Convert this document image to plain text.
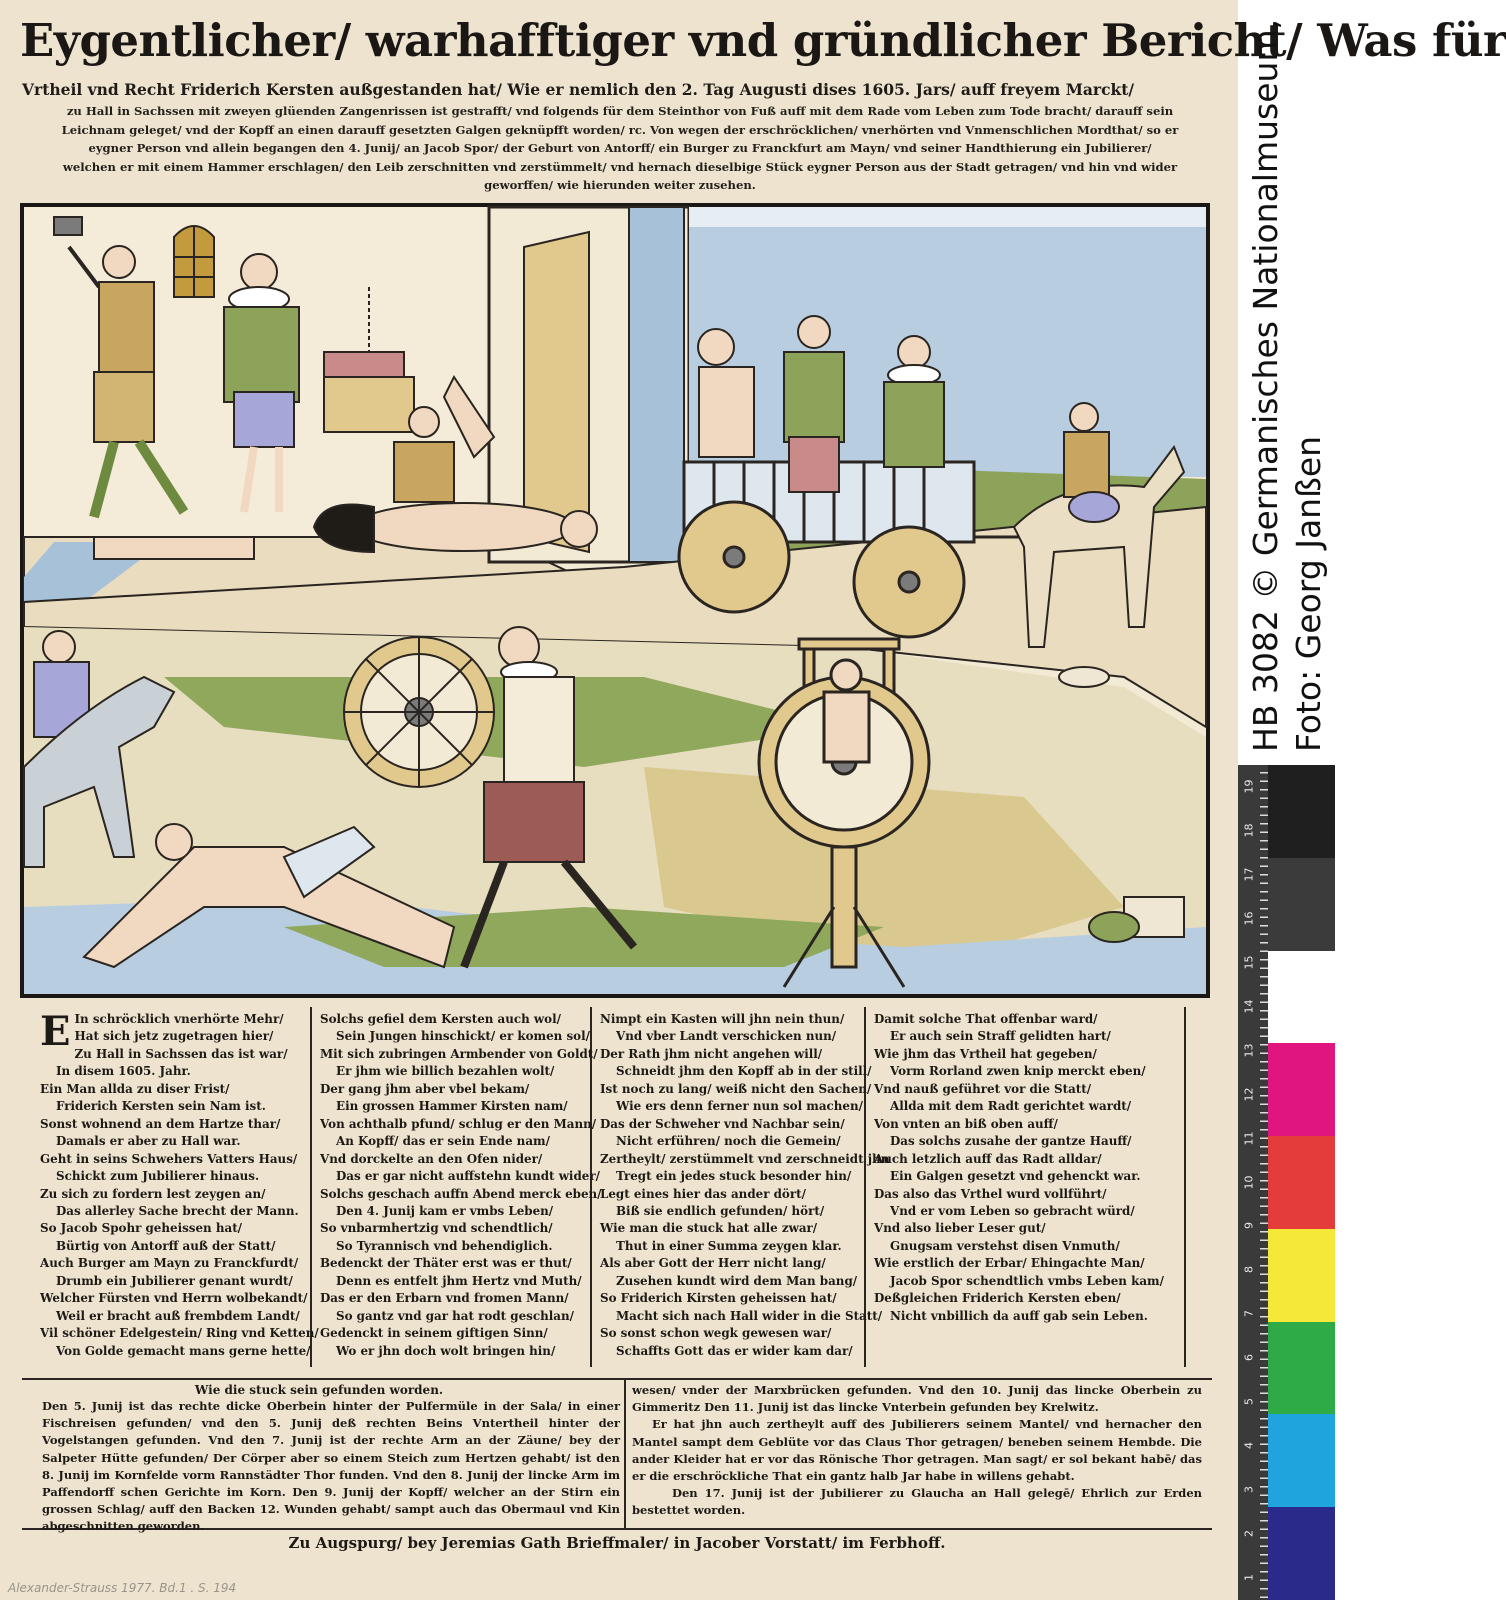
Eygentlicher/ warhafftiger vnd gründlicher Bericht/ Was für
Vrtheil vnd Recht Friderich Kersten außgestanden hat/ Wie er nemlich den 2. Tag Augusti dises 1605. Jars/ auff freyem Marckt/
zu Hall in Sachssen mit zweyen glüenden Zangenrissen ist gestrafft/ vnd folgends für dem Steinthor von Fuß auff mit dem Rade vom Leben zum Tode bracht/ darauff sein Leichnam geleget/ vnd der Kopff an einen darauff gesetzten Galgen geknüpfft worden/ rc. Von wegen der erschröcklichen/ vnerhörten vnd Vnmenschlichen Mordthat/ so er eygner Person vnd allein begangen den 4. Junij/ an Jacob Spor/ der Geburt von Antorff/ ein Burger zu Franckfurt am Mayn/ vnd seiner Handthierung ein Jubilierer/ welchen er mit einem Hammer erschlagen/ den Leib zerschnitten vnd zerstümmelt/ vnd hernach dieselbige Stück eygner Person aus der Stadt getragen/ vnd hin vnd wider geworffen/ wie hierunden weiter zusehen.
E In schröcklich vnerhörte Mehr/
Hat sich jetz zugetragen hier/
Zu Hall in Sachssen das ist war/
In disem 1605. Jahr.
Ein Man allda zu diser Frist/
Friderich Kersten sein Nam ist.
Sonst wohnend an dem Hartze thar/
Damals er aber zu Hall war.
Geht in seins Schwehers Vatters Haus/
Schickt zum Jubilierer hinaus.
Zu sich zu fordern lest zeygen an/
Das allerley Sache brecht der Mann.
So Jacob Spohr geheissen hat/
Bürtig von Antorff auß der Statt/
Auch Burger am Mayn zu Franckfurdt/
Drumb ein Jubilierer genant wurdt/
Welcher Fürsten vnd Herrn wolbekandt/
Weil er bracht auß frembdem Landt/
Vil schöner Edelgestein/ Ring vnd Ketten/
Von Golde gemacht mans gerne hette/
Solchs gefiel dem Kersten auch wol/
Sein Jungen hinschickt/ er komen sol/
Mit sich zubringen Armbender von Goldt/
Er jhm wie billich bezahlen wolt/
Der gang jhm aber vbel bekam/
Ein grossen Hammer Kirsten nam/
Von achthalb pfund/ schlug er den Mann/
An Kopff/ das er sein Ende nam/
Vnd dorckelte an den Ofen nider/
Das er gar nicht auffstehn kundt wider/
Solchs geschach auffn Abend merck eben/
Den 4. Junij kam er vmbs Leben/
So vnbarmhertzig vnd schendtlich/
So Tyrannisch vnd behendiglich.
Bedenckt der Thäter erst was er thut/
Denn es entfelt jhm Hertz vnd Muth/
Das er den Erbarn vnd fromen Mann/
So gantz vnd gar hat rodt geschlan/
Gedenckt in seinem giftigen Sinn/
Wo er jhn doch wolt bringen hin/
Nimpt ein Kasten will jhn nein thun/
Vnd vber Landt verschicken nun/
Der Rath jhm nicht angehen will/
Schneidt jhm den Kopff ab in der still/
Ist noch zu lang/ weiß nicht den Sachen/
Wie ers denn ferner nun sol machen/
Das der Schweher vnd Nachbar sein/
Nicht erführen/ noch die Gemein/
Zertheylt/ zerstümmelt vnd zerschneidt jhn
Tregt ein jedes stuck besonder hin/
Legt eines hier das ander dört/
Biß sie endlich gefunden/ hört/
Wie man die stuck hat alle zwar/
Thut in einer Summa zeygen klar.
Als aber Gott der Herr nicht lang/
Zusehen kundt wird dem Man bang/
So Friderich Kirsten geheissen hat/
Macht sich nach Hall wider in die Statt/
So sonst schon wegk gewesen war/
Schaffts Gott das er wider kam dar/
Damit solche That offenbar ward/
Er auch sein Straff gelidten hart/
Wie jhm das Vrtheil hat gegeben/
Vorm Rorland zwen knip merckt eben/
Vnd nauß geführet vor die Statt/
Allda mit dem Radt gerichtet wardt/
Von vnten an biß oben auff/
Das solchs zusahe der gantze Hauff/
Auch letzlich auff das Radt alldar/
Ein Galgen gesetzt vnd gehenckt war.
Das also das Vrthel wurd vollführt/
Vnd er vom Leben so gebracht würd/
Vnd also lieber Leser gut/
Gnugsam verstehst disen Vnmuth/
Wie erstlich der Erbar/ Ehingachte Man/
Jacob Spor schendtlich vmbs Leben kam/
Deßgleichen Friderich Kersten eben/
Nicht vnbillich da auff gab sein Leben.
Wie die stuck sein gefunden worden.
Den 5. Junij ist das rechte dicke Oberbein hinter der Pulfermüle in der Sala/ in einer Fischreisen gefunden/ vnd den 5. Junij deß rechten Beins Vntertheil hinter der Vogelstangen gefunden. Vnd den 7. Junij ist der rechte Arm an der Zäune/ bey der Salpeter Hütte gefunden/ Der Cörper aber so einem Steich zum Hertzen gehabt/ ist den 8. Junij im Kornfelde vorm Rannstädter Thor funden. Vnd den 8. Junij der lincke Arm im Paffendorff schen Gerichte im Korn. Den 9. Junij der Kopff/ welcher an der Stirn ein grossen Schlag/ auff den Backen 12. Wunden gehabt/ sampt auch das Obermaul vnd Kin abgeschnitten geworden.
wesen/ vnder der Marxbrücken gefunden. Vnd den 10. Junij das lincke Oberbein zu Gimmeritz Den 11. Junij ist das lincke Vnterbein gefunden bey Krelwitz.
Er hat jhn auch zertheylt auff des Jubilierers seinem Mantel/ vnd hernacher den Mantel sampt dem Geblüte vor das Claus Thor getragen/ beneben seinem Hembde. Die ander Kleider hat er vor das Rönische Thor getragen. Man sagt/ er sol bekant habē/ das er die erschröckliche That ein gantz halb Jar habe in willens gehabt.
Den 17. Junij ist der Jubilierer zu Glaucha an Hall gelegē/ Ehrlich zur Erden bestettet worden.
Zu Augspurg/ bey Jeremias Gath Brieffmaler/ in Jacober Vorstatt/ im Ferbhoff.
Alexander-Strauss 1977. Bd.1 . S. 194
HB 3082 © Germanisches Nationalmuseum, Foto: Georg Janßen
19
18
17
16
15
14
13
12
11
10
9
8
7
6
5
4
3
2
1
